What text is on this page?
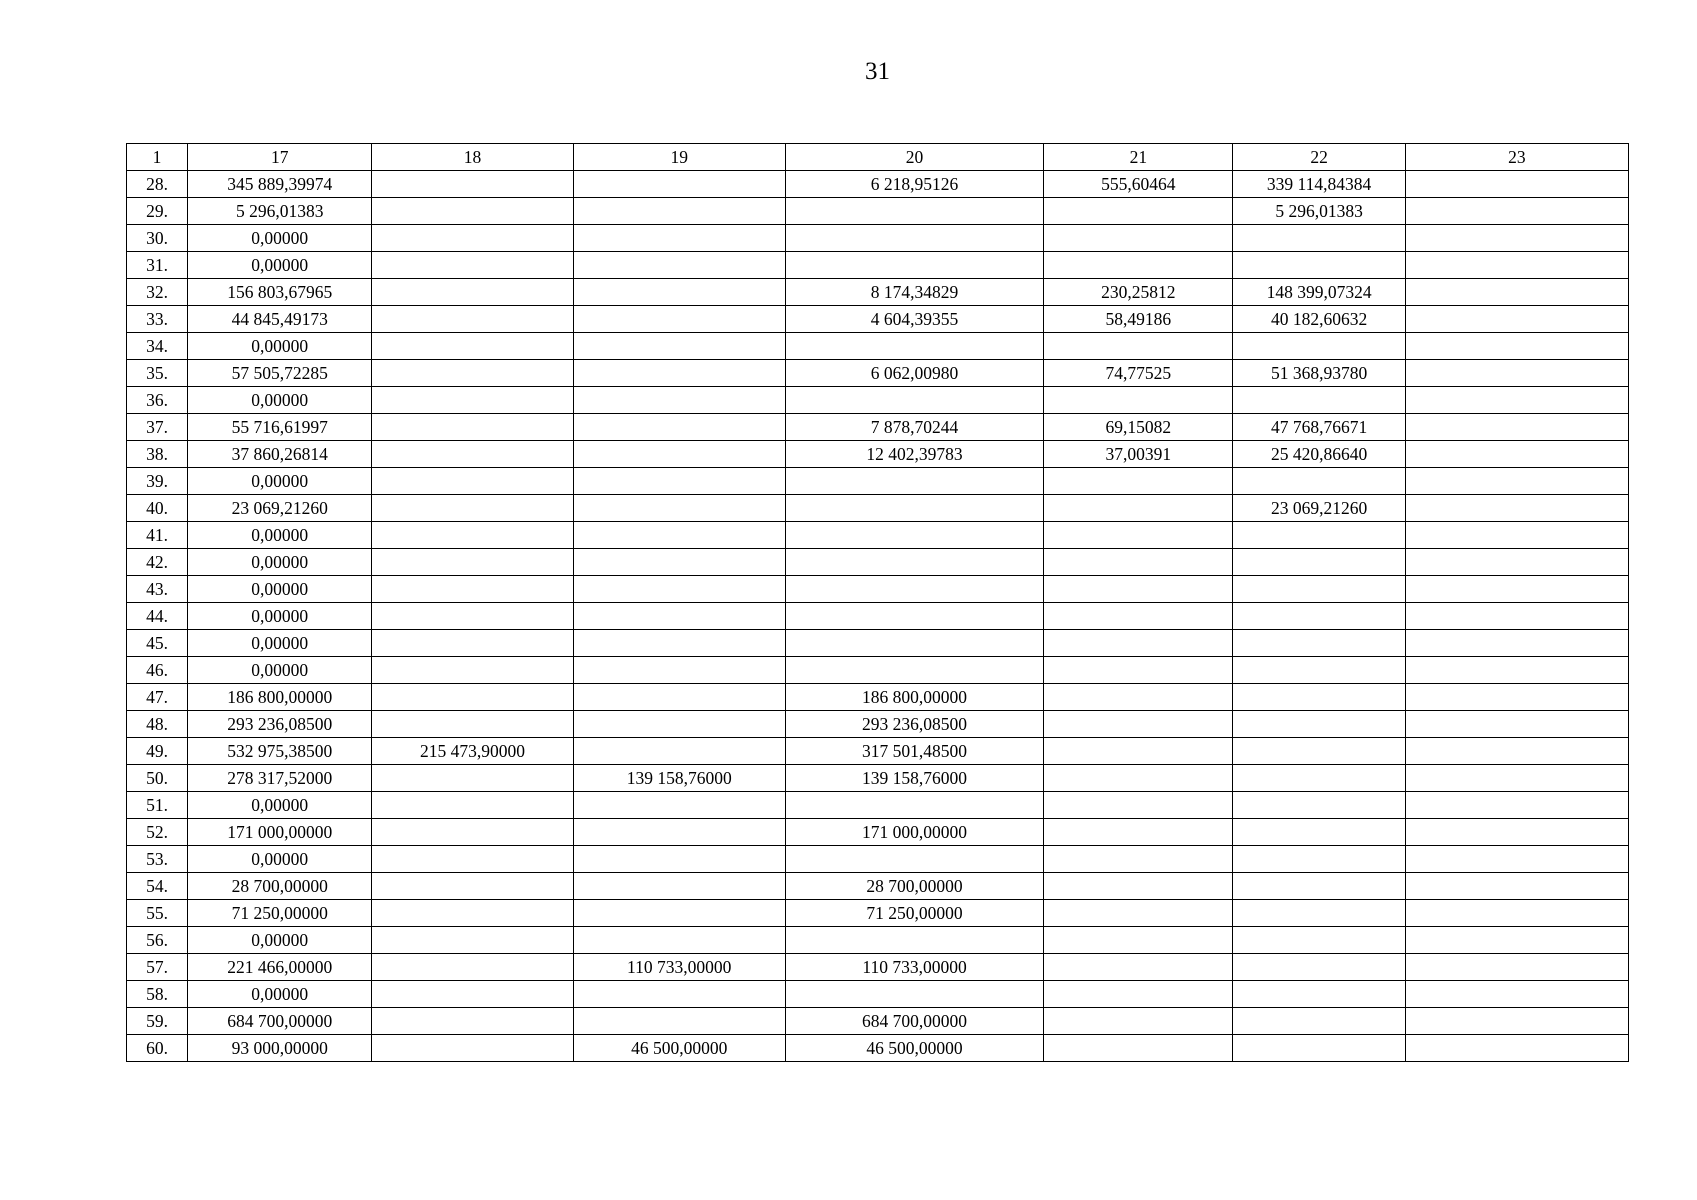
31
1	17	18	19	20	21	22	23
28.	345 889,39974			6 218,95126	555,60464	339 114,84384	
29.	5 296,01383					5 296,01383	
30.	0,00000						
31.	0,00000						
32.	156 803,67965			8 174,34829	230,25812	148 399,07324	
33.	44 845,49173			4 604,39355	58,49186	40 182,60632	
34.	0,00000						
35.	57 505,72285			6 062,00980	74,77525	51 368,93780	
36.	0,00000						
37.	55 716,61997			7 878,70244	69,15082	47 768,76671	
38.	37 860,26814			12 402,39783	37,00391	25 420,86640	
39.	0,00000						
40.	23 069,21260					23 069,21260	
41.	0,00000						
42.	0,00000						
43.	0,00000						
44.	0,00000						
45.	0,00000						
46.	0,00000						
47.	186 800,00000			186 800,00000			
48.	293 236,08500			293 236,08500			
49.	532 975,38500	215 473,90000		317 501,48500			
50.	278 317,52000		139 158,76000	139 158,76000			
51.	0,00000						
52.	171 000,00000			171 000,00000			
53.	0,00000						
54.	28 700,00000			28 700,00000			
55.	71 250,00000			71 250,00000			
56.	0,00000						
57.	221 466,00000		110 733,00000	110 733,00000			
58.	0,00000						
59.	684 700,00000			684 700,00000			
60.	93 000,00000		46 500,00000	46 500,00000			
